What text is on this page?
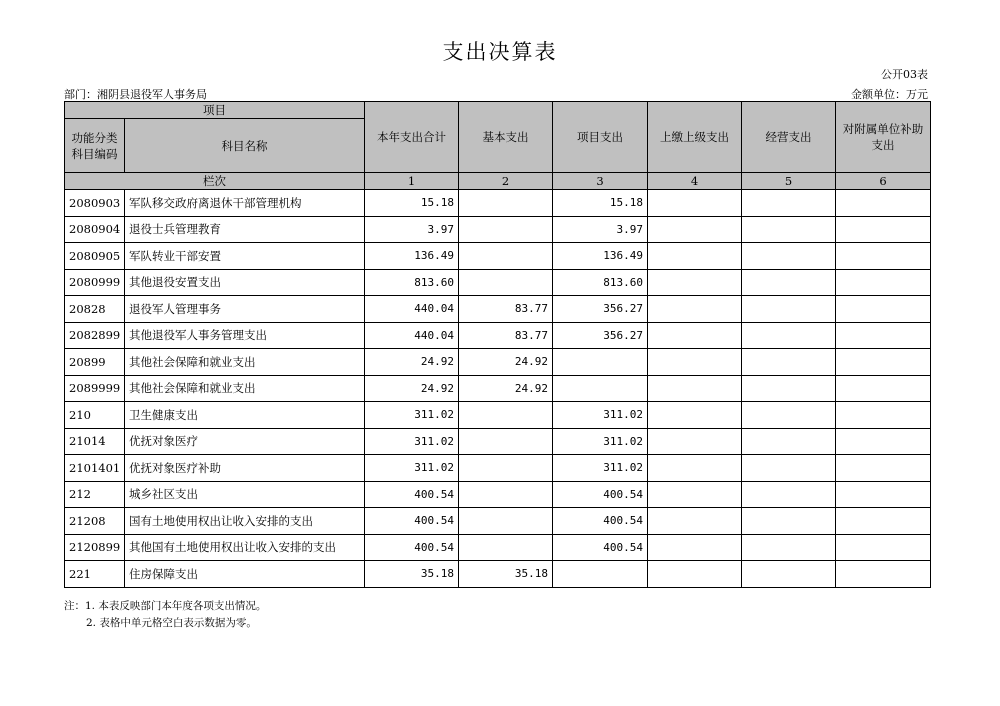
支出决算表
公开03表
部门：湘阴县退役军人事务局	金额单位：万元
项目		本年支出合计	基本支出	项目支出	上缴上级支出	经营支出	对附属单位补助支出
功能分类科目编码	科目名称						
栏次		1	2	3	4	5	6
2080903	军队移交政府离退休干部管理机构	15.18		15.18			
2080904	退役士兵管理教育	3.97		3.97			
2080905	军队转业干部安置	136.49		136.49			
2080999	其他退役安置支出	813.60		813.60			
20828	退役军人管理事务	440.04	83.77	356.27			
2082899	其他退役军人事务管理支出	440.04	83.77	356.27			
20899	其他社会保障和就业支出	24.92	24.92				
2089999	其他社会保障和就业支出	24.92	24.92				
210	卫生健康支出	311.02		311.02			
21014	优抚对象医疗	311.02		311.02			
2101401	优抚对象医疗补助	311.02		311.02			
212	城乡社区支出	400.54		400.54			
21208	国有土地使用权出让收入安排的支出	400.54		400.54			
2120899	其他国有土地使用权出让收入安排的支出	400.54		400.54			
221	住房保障支出	35.18	35.18				
注：1. 本表反映部门本年度各项支出情况。
2. 表格中单元格空白表示数据为零。
